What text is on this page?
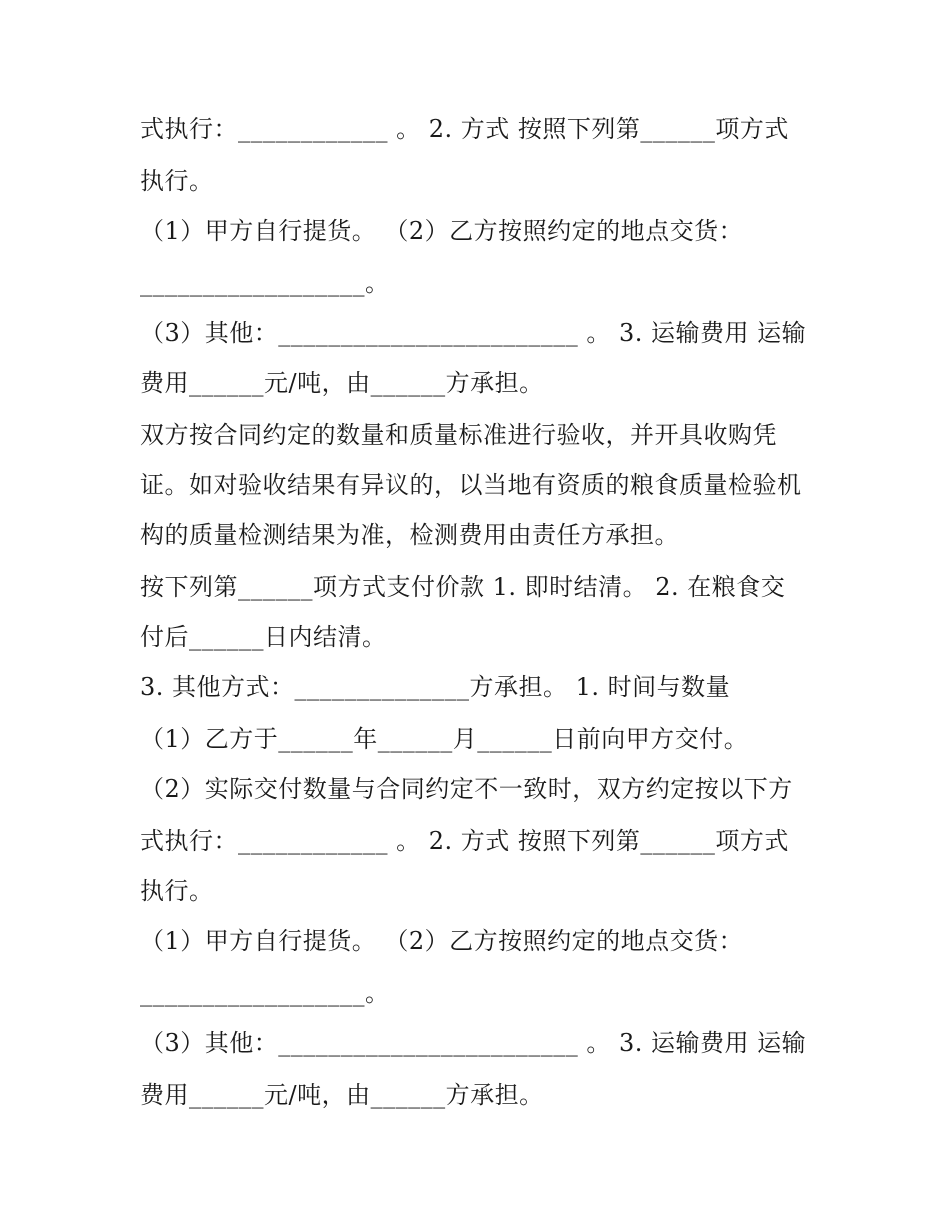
式执行：____________ 。 2. 方式 按照下列第______项方式
执行。
（1）甲方自行提货。 （2）乙方按照约定的地点交货：
__________________。
（3）其他：________________________ 。 3. 运输费用 运输
费用______元/吨，由______方承担。
双方按合同约定的数量和质量标准进行验收，并开具收购凭
证。如对验收结果有异议的，以当地有资质的粮食质量检验机
构的质量检测结果为准，检测费用由责任方承担。
按下列第______项方式支付价款 1. 即时结清。 2. 在粮食交
付后______日内结清。
3. 其他方式：______________方承担。 1. 时间与数量
（1）乙方于______年______月______日前向甲方交付。
（2）实际交付数量与合同约定不一致时，双方约定按以下方
式执行：____________ 。 2. 方式 按照下列第______项方式
执行。
（1）甲方自行提货。 （2）乙方按照约定的地点交货：
__________________。
（3）其他：________________________ 。 3. 运输费用 运输
费用______元/吨，由______方承担。
